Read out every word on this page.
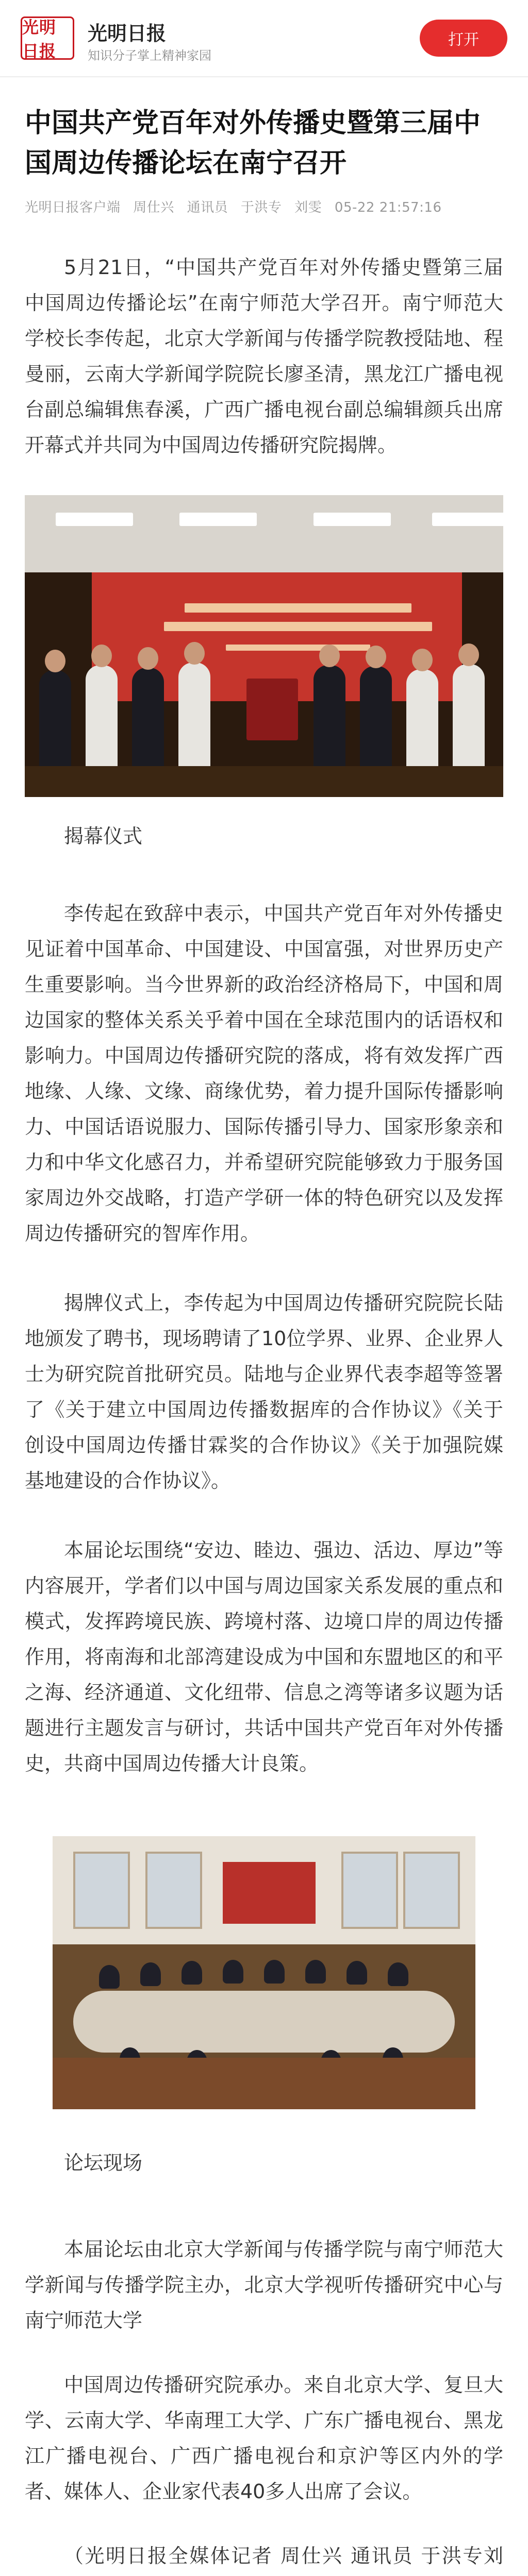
光明日报
光明日报
知识分子掌上精神家园
打开
中国共产党百年对外传播史暨第三届中国周边传播论坛在南宁召开
光明日报客户端 周仕兴 通讯员 于洪专 刘雯 05-22 21:57:16

5月21日，“中国共产党百年对外传播史暨第三届中国周边传播论坛”在南宁师范大学召开。南宁师范大学校长李传起，北京大学新闻与传播学院教授陆地、程曼丽，云南大学新闻学院院长廖圣清，黑龙江广播电视台副总编辑焦春溪，广西广播电视台副总编辑颜兵出席开幕式并共同为中国周边传播研究院揭牌。

揭幕仪式

李传起在致辞中表示，中国共产党百年对外传播史见证着中国革命、中国建设、中国富强，对世界历史产生重要影响。当今世界新的政治经济格局下，中国和周边国家的整体关系关乎着中国在全球范围内的话语权和影响力。中国周边传播研究院的落成，将有效发挥广西地缘、人缘、文缘、商缘优势，着力提升国际传播影响力、中国话语说服力、国际传播引导力、国家形象亲和力和中华文化感召力，并希望研究院能够致力于服务国家周边外交战略，打造产学研一体的特色研究以及发挥周边传播研究的智库作用。

揭牌仪式上，李传起为中国周边传播研究院院长陆地颁发了聘书，现场聘请了10位学界、业界、企业界人士为研究院首批研究员。陆地与企业界代表李超等签署了《关于建立中国周边传播数据库的合作协议》《关于创设中国周边传播甘霖奖的合作协议》《关于加强院媒基地建设的合作协议》。

本届论坛围绕“安边、睦边、强边、活边、厚边”等内容展开，学者们以中国与周边国家关系发展的重点和模式，发挥跨境民族、跨境村落、边境口岸的周边传播作用，将南海和北部湾建设成为中国和东盟地区的和平之海、经济通道、文化纽带、信息之湾等诸多议题为话题进行主题发言与研讨，共话中国共产党百年对外传播史，共商中国周边传播大计良策。

论坛现场

本届论坛由北京大学新闻与传播学院与南宁师范大学新闻与传播学院主办，北京大学视听传播研究中心与南宁师范大学

中国周边传播研究院承办。来自北京大学、复旦大学、云南大学、华南理工大学、广东广播电视台、黑龙江广播电视台、广西广播电视台和京沪等区内外的学者、媒体人、企业家代表40多人出席了会议。

（光明日报全媒体记者 周仕兴 通讯员 于洪专刘
